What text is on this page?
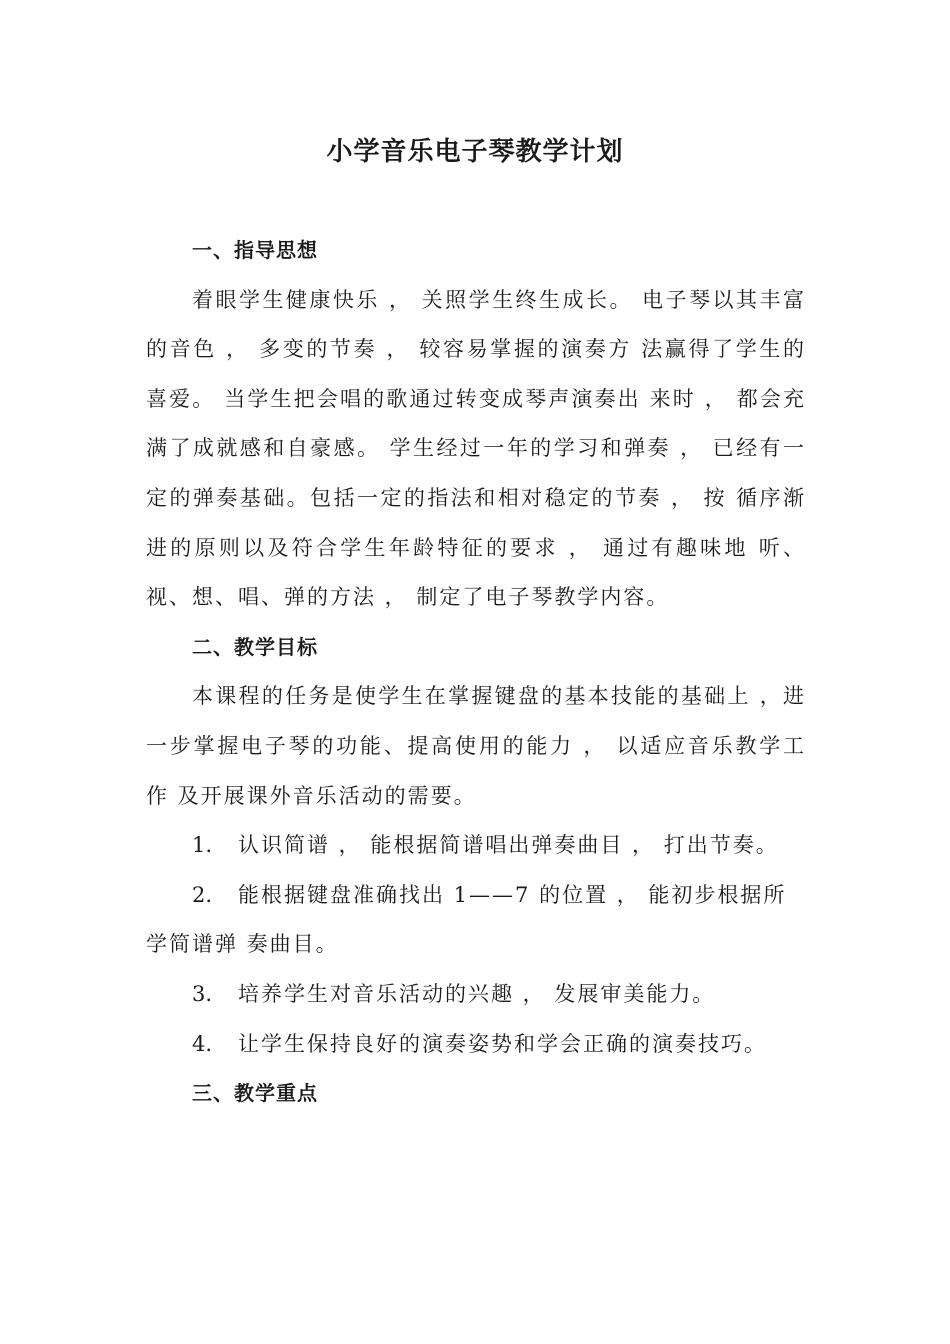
小学音乐电子琴教学计划

一、指导思想

着眼学生健康快乐 ， 关照学生终生成长。 电子琴以其丰富的音色 ， 多变的节奏 ， 较容易掌握的演奏方 法赢得了学生的喜爱。 当学生把会唱的歌通过转变成琴声演奏出 来时 ， 都会充满了成就感和自豪感。 学生经过一年的学习和弹奏 ， 已经有一定的弹奏基础。包括一定的指法和相对稳定的节奏 ， 按 循序渐进的原则以及符合学生年龄特征的要求 ， 通过有趣味地 听、视、想、唱、弹的方法 ， 制定了电子琴教学内容。

二、教学目标

本课程的任务是使学生在掌握键盘的基本技能的基础上 ，进 一步掌握电子琴的功能、提高使用的能力 ， 以适应音乐教学工作 及开展课外音乐活动的需要。

1. 认识简谱 ， 能根据简谱唱出弹奏曲目 ， 打出节奏。

2. 能根据键盘准确找出 1——7 的位置 ， 能初步根据所学简谱弹 奏曲目。

3. 培养学生对音乐活动的兴趣 ， 发展审美能力。

4. 让学生保持良好的演奏姿势和学会正确的演奏技巧。

三、教学重点
